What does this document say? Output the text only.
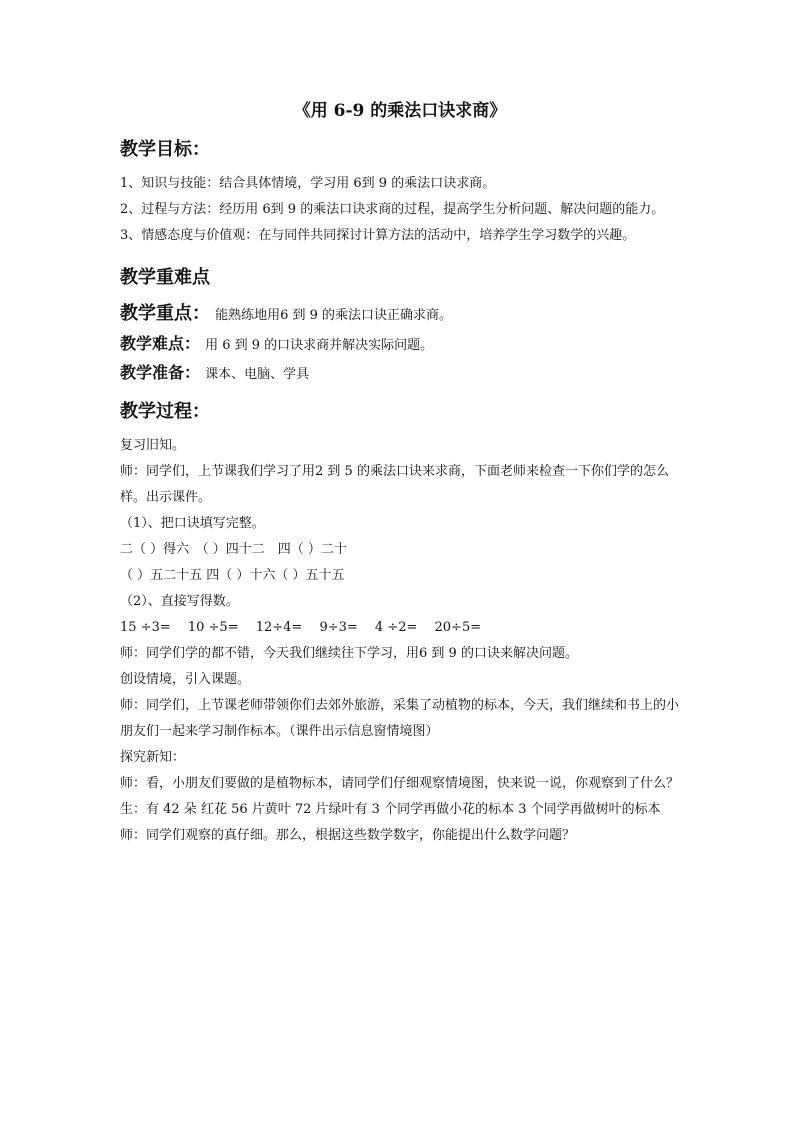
《用 6-9 的乘法口诀求商》
教学目标：

1、知识与技能：结合具体情境，学习用 6到 9 的乘法口诀求商。

2、过程与方法：经历用 6到 9 的乘法口诀求商的过程，提高学生分析问题、解决问题的能力。

3、情感态度与价值观：在与同伴共同探讨计算方法的活动中，培养学生学习数学的兴趣。

教学重难点
教学重点： 能熟练地用6 到 9 的乘法口诀正确求商。
教学难点： 用 6 到 9 的口诀求商并解决实际问题。
教学准备： 课本、电脑、学具
教学过程：

复习旧知。

师：同学们，上节课我们学习了用2 到 5 的乘法口诀来求商，下面老师来检查一下你们学的怎么样。出示课件。

（1）、把口诀填写完整。

二（ ）得六　（ ）四十二　四（ ）二十

（ ）五二十五 四（ ）十六（ ）五十五

（2）、直接写得数。

15 ÷3=　 10 ÷5=　 12÷4=　 9÷3=　 4 ÷2=　 20÷5=

师：同学们学的都不错，今天我们继续往下学习，用6 到 9 的口诀来解决问题。

创设情境，引入课题。

师：同学们，上节课老师带领你们去郊外旅游，采集了动植物的标本，今天，我们继续和书上的小朋友们一起来学习制作标本。（课件出示信息窗情境图）

探究新知：

师：看，小朋友们要做的是植物标本，请同学们仔细观察情境图，快来说一说，你观察到了什么？

生：有 42 朵 红花 56 片黄叶 72 片绿叶有 3 个同学再做小花的标本 3 个同学再做树叶的标本

师：同学们观察的真仔细。那么，根据这些数学数字，你能提出什么数学问题？
